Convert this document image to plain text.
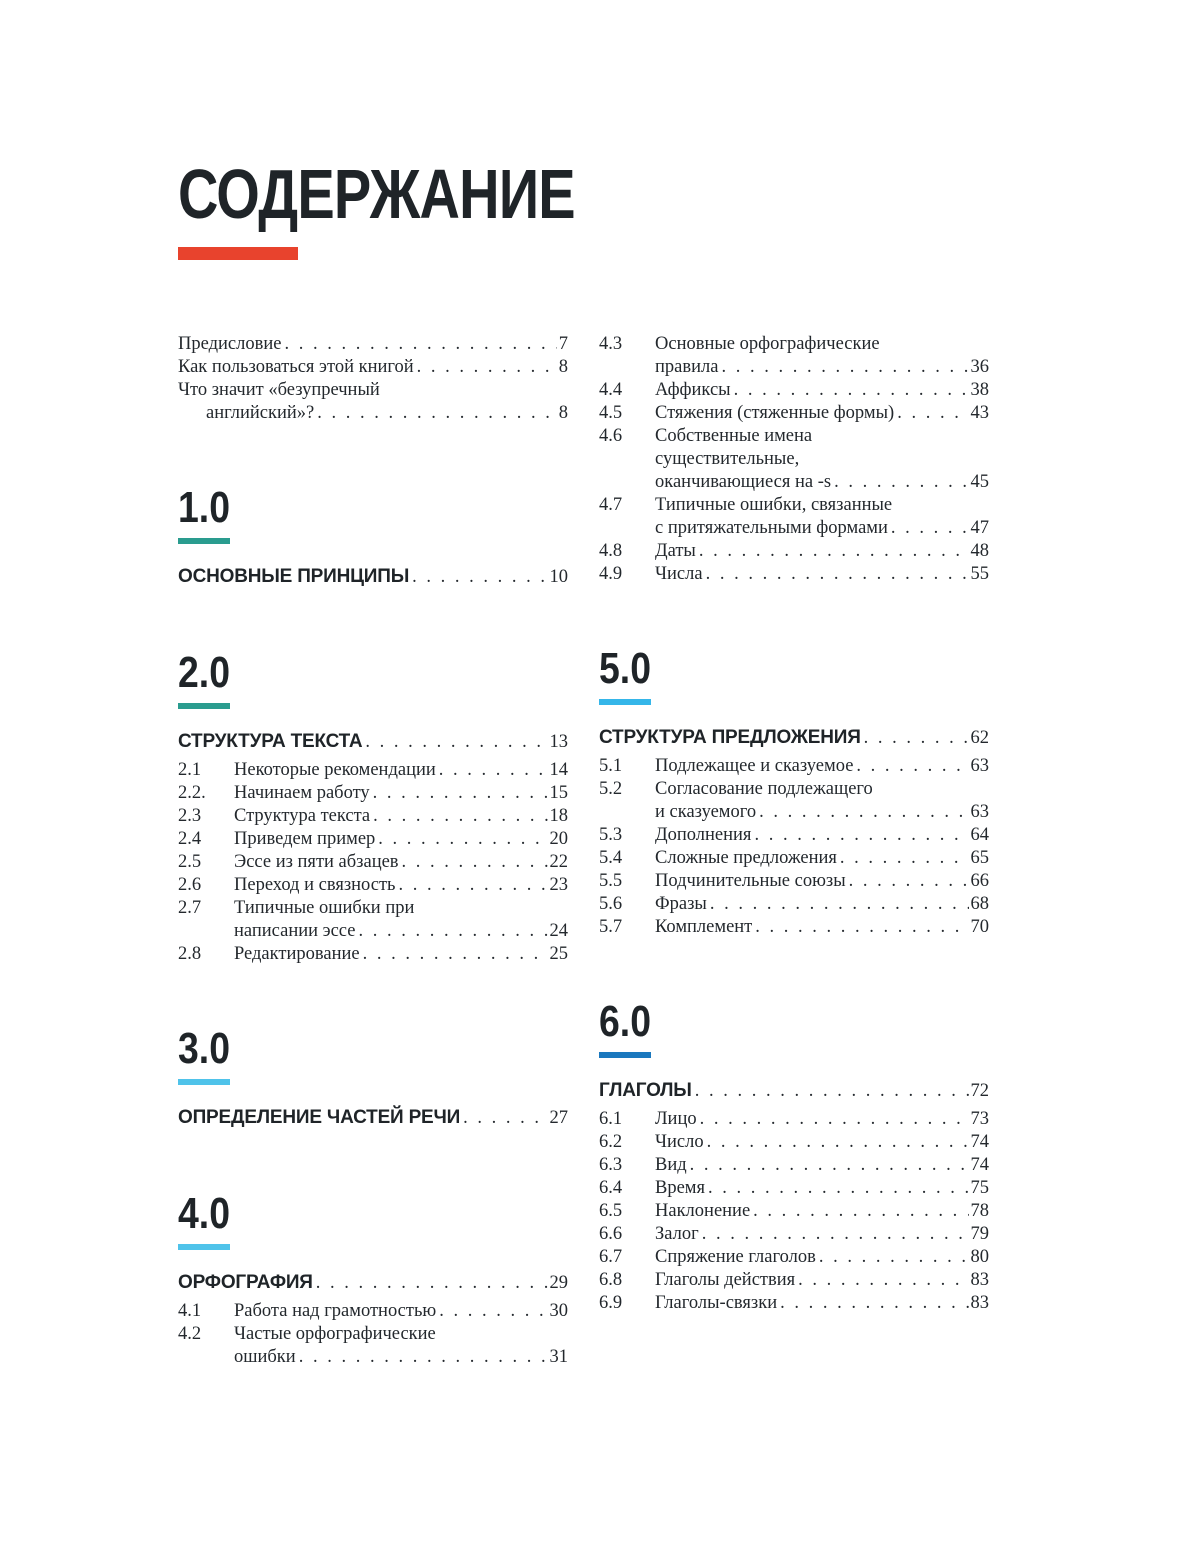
СОДЕРЖАНИЕ
Предисловие . . .	7
Как пользоваться этой книгой . . .	8
Что значит «безупречный
английский»? . . .	8
1.0
ОСНОВНЫЕ ПРИНЦИПЫ . . .	10
2.0
СТРУКТУРА ТЕКСТА . . .	13
2.1	Некоторые рекомендации . . .	14
2.2.	Начинаем работу . . .	15
2.3	Структура текста . . .	18
2.4	Приведем пример . . .	20
2.5	Эссе из пяти абзацев . . .	22
2.6	Переход и связность . . .	23
2.7	Типичные ошибки при
написании эссе . . .	24
2.8	Редактирование . . .	25
3.0
ОПРЕДЕЛЕНИЕ ЧАСТЕЙ РЕЧИ . . .	27
4.0
ОРФОГРАФИЯ . . .	29
4.1	Работа над грамотностью . . .	30
4.2	Частые орфографические
ошибки . . .	31
4.3	Основные орфографические
правила . . .	36
4.4	Аффиксы . . .	38
4.5	Стяжения (стяженные формы) . . .	43
4.6	Собственные имена
существительные,
оканчивающиеся на -s . . .	45
4.7	Типичные ошибки, связанные
с притяжательными формами . . .	47
4.8	Даты . . .	48
4.9	Числа . . .	55
5.0
СТРУКТУРА ПРЕДЛОЖЕНИЯ . . .	62
5.1	Подлежащее и сказуемое . . .	63
5.2	Согласование подлежащего
и сказуемого . . .	63
5.3	Дополнения . . .	64
5.4	Сложные предложения . . .	65
5.5	Подчинительные союзы . . .	66
5.6	Фразы . . .	68
5.7	Комплемент . . .	70
6.0
ГЛАГОЛЫ . . .	72
6.1	Лицо . . .	73
6.2	Число . . .	74
6.3	Вид . . .	74
6.4	Время . . .	75
6.5	Наклонение . . .	78
6.6	Залог . . .	79
6.7	Спряжение глаголов . . .	80
6.8	Глаголы действия . . .	83
6.9	Глаголы-связки . . .	83
